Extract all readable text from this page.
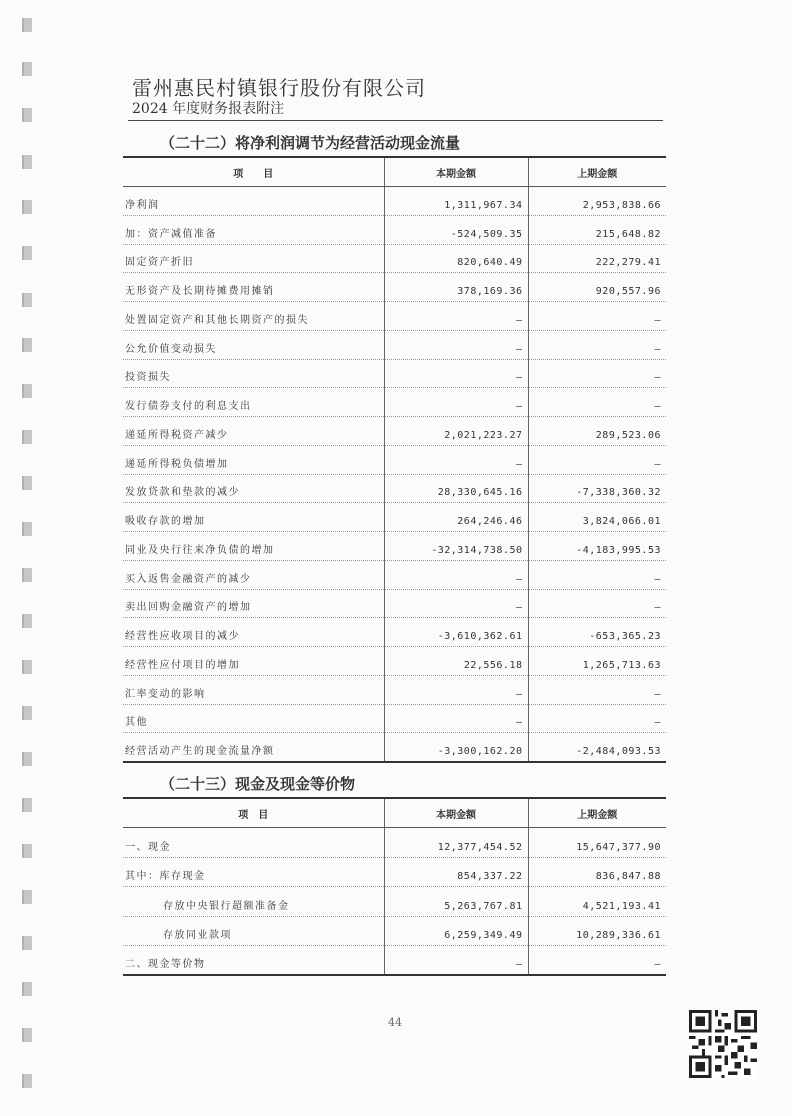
雷州惠民村镇银行股份有限公司
2024 年度财务报表附注
（二十二）将净利润调节为经营活动现金流量
项　　目	本期金额	上期金额
净利润	1,311,967.34	2,953,838.66
加：资产减值准备	-524,509.35	215,648.82
固定资产折旧	820,640.49	222,279.41
无形资产及长期待摊费用摊销	378,169.36	920,557.96
处置固定资产和其他长期资产的损失	–	–
公允价值变动损失	–	–
投资损失	–	–
发行债券支付的利息支出	–	–
递延所得税资产减少	2,021,223.27	289,523.06
递延所得税负债增加	–	–
发放贷款和垫款的减少	28,330,645.16	-7,338,360.32
吸收存款的增加	264,246.46	3,824,066.01
同业及央行往来净负债的增加	-32,314,738.50	-4,183,995.53
买入返售金融资产的减少	–	–
卖出回购金融资产的增加	–	–
经营性应收项目的减少	-3,610,362.61	-653,365.23
经营性应付项目的增加	22,556.18	1,265,713.63
汇率变动的影响	–	–
其他	–	–
经营活动产生的现金流量净额	-3,300,162.20	-2,484,093.53
（二十三）现金及现金等价物
项　目	本期金额	上期金额
一、现金	12,377,454.52	15,647,377.90
其中：库存现金	854,337.22	836,847.88
存放中央银行超额准备金	5,263,767.81	4,521,193.41
存放同业款项	6,259,349.49	10,289,336.61
二、现金等价物	–	–
44
